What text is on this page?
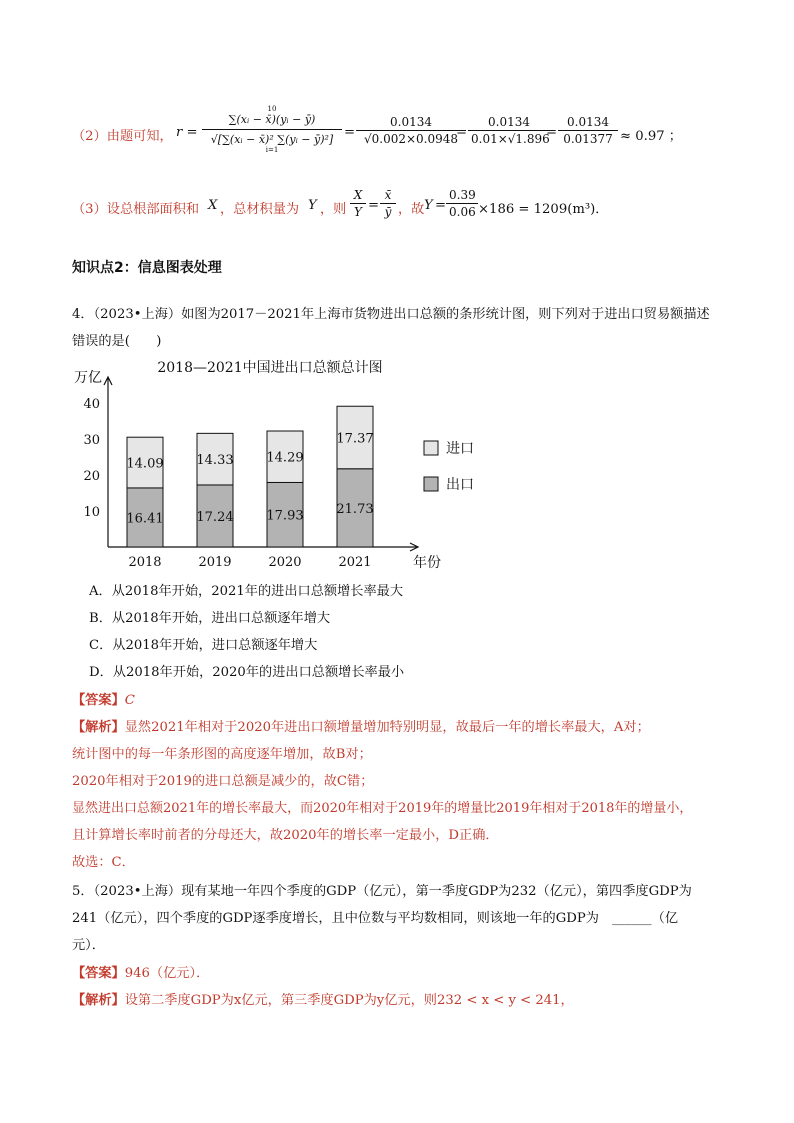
（2）由题可知， r =
10
∑(xᵢ − x̄)(yᵢ − ȳ)
√[∑(xᵢ − x̄)² ∑(yᵢ − ȳ)²]
i=1
= $\frac{0.0134}{√0.002\times 0.0948}$
= $\frac{0.0134}{0.01\times√1.896}$
= $\frac{0.0134}{0.01377} \approx 0.97$ ；
（3）设总根部面积和 X ，总材积量为 Y ，则 $\frac{X}{Y} = \frac{x̄}{ȳ}$ ，故 $Y = \frac{0.39}{0.06} \times 186 = 1209(m^3)$．
知识点2：信息图表处理
4．（2023•上海）如图为2017－2021年上海市货物进出口总额的条形统计图，则下列对于进出口贸易额描述
错误的是(　　)
2018—2021中国进出口总额总计图
万亿
年份
10
20
30
40
16.41
14.09
2018
17.24
14.33
2019
17.93
14.29
2020
21.73
17.37
2021
进口
出口
A．从2018年开始，2021年的进出口总额增长率最大
B．从2018年开始，进出口总额逐年增大
C．从2018年开始，进口总额逐年增大
D．从2018年开始，2020年的进出口总额增长率最小
【答案】C
【解析】显然2021年相对于2020年进出口额增量增加特别明显，故最后一年的增长率最大，A对；
统计图中的每一年条形图的高度逐年增加，故B对；
2020年相对于2019的进口总额是减少的，故C错；
显然进出口总额2021年的增长率最大，而2020年相对于2019年的增量比2019年相对于2018年的增量小，
且计算增长率时前者的分母还大，故2020年的增长率一定最小，D正确．
故选：C．
5．（2023•上海）现有某地一年四个季度的GDP（亿元），第一季度GDP为232（亿元），第四季度GDP为
241（亿元），四个季度的GDP逐季度增长，且中位数与平均数相同，则该地一年的GDP为　______（亿
元）．
【答案】946（亿元）．
【解析】设第二季度GDP为x亿元，第三季度GDP为y亿元，则232 < x < y < 241，
